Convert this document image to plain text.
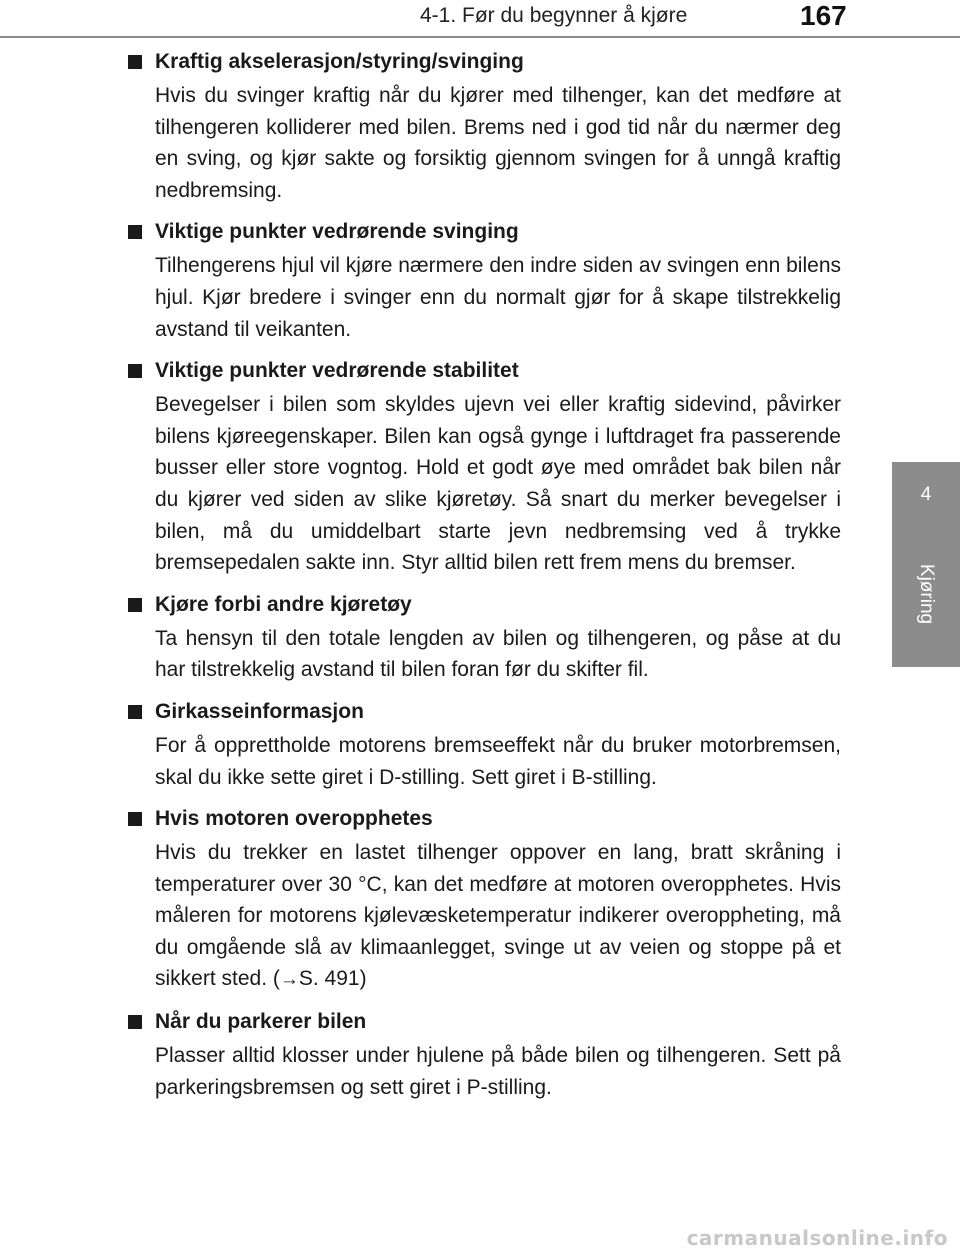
4-1. Før du begynner å kjøre	167
4
Kjøring
Kraftig akselerasjon/styring/svinging
Hvis du svinger kraftig når du kjører med tilhenger, kan det medføre at tilhengeren kolliderer med bilen. Brems ned i god tid når du nærmer deg en sving, og kjør sakte og forsiktig gjennom svingen for å unngå kraftig nedbremsing.
Viktige punkter vedrørende svinging
Tilhengerens hjul vil kjøre nærmere den indre siden av svingen enn bilens hjul. Kjør bredere i svinger enn du normalt gjør for å skape tilstrekkelig avstand til veikanten.
Viktige punkter vedrørende stabilitet
Bevegelser i bilen som skyldes ujevn vei eller kraftig sidevind, påvirker bilens kjøreegenskaper. Bilen kan også gynge i luftdraget fra passerende busser eller store vogntog. Hold et godt øye med området bak bilen når du kjører ved siden av slike kjøretøy. Så snart du merker bevegelser i bilen, må du umiddelbart starte jevn nedbremsing ved å trykke bremsepedalen sakte inn. Styr alltid bilen rett frem mens du bremser.
Kjøre forbi andre kjøretøy
Ta hensyn til den totale lengden av bilen og tilhengeren, og påse at du har tilstrekkelig avstand til bilen foran før du skifter fil.
Girkasseinformasjon
For å opprettholde motorens bremseeffekt når du bruker motorbremsen, skal du ikke sette giret i D-stilling. Sett giret i B-stilling.
Hvis motoren overopphetes
Hvis du trekker en lastet tilhenger oppover en lang, bratt skråning i temperaturer over 30 °C, kan det medføre at motoren overopphetes. Hvis måleren for motorens kjølevæsketemperatur indikerer overoppheting, må du omgående slå av klimaanlegget, svinge ut av veien og stoppe på et sikkert sted. (→S. 491)
Når du parkerer bilen
Plasser alltid klosser under hjulene på både bilen og tilhengeren. Sett på parkeringsbremsen og sett giret i P-stilling.
carmanualsonline.info
